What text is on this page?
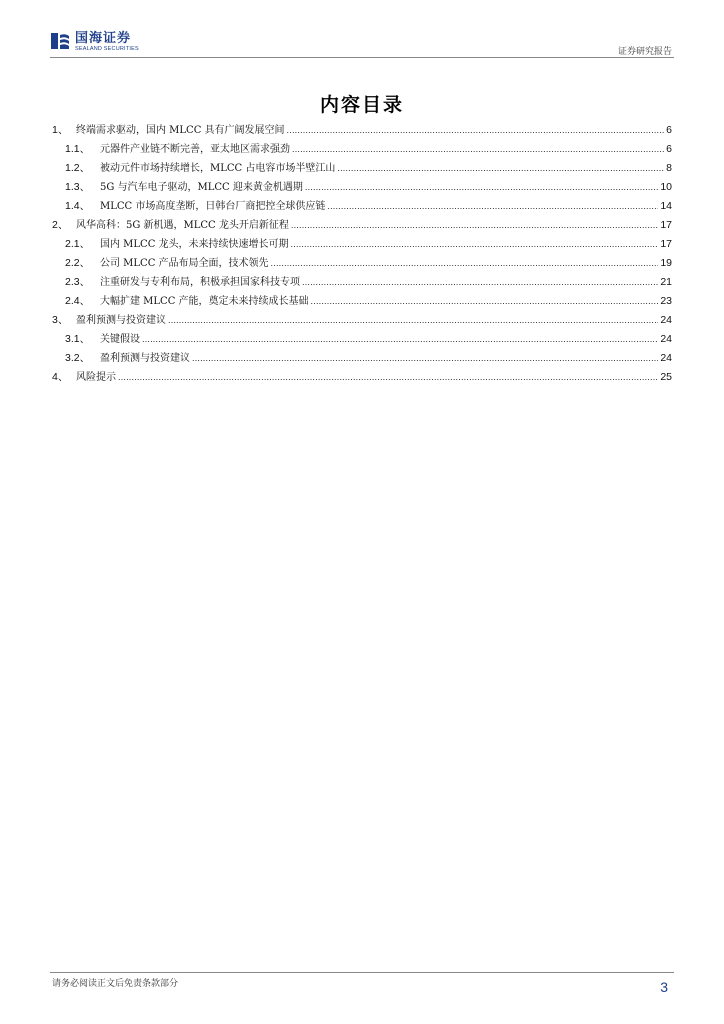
国海证券
SEALAND SECURITIES	证券研究报告
内容目录
1、 终端需求驱动，国内 MLCC 具有广阔发展空间 .....	6
1.1、 元器件产业链不断完善，亚太地区需求强劲 .....	6
1.2、 被动元件市场持续增长，MLCC 占电容市场半壁江山 .....	8
1.3、 5G 与汽车电子驱动，MLCC 迎来黄金机遇期 .....	10
1.4、 MLCC 市场高度垄断，日韩台厂商把控全球供应链 .....	14
2、 风华高科：5G 新机遇，MLCC 龙头开启新征程 .....	17
2.1、 国内 MLCC 龙头，未来持续快速增长可期 .....	17
2.2、 公司 MLCC 产品布局全面，技术领先 .....	19
2.3、 注重研发与专利布局，积极承担国家科技专项 .....	21
2.4、 大幅扩建 MLCC 产能，奠定未来持续成长基础 .....	23
3、 盈利预测与投资建议 .....	24
3.1、 关键假设 .....	24
3.2、 盈利预测与投资建议 .....	24
4、 风险提示 .....	25
请务必阅读正文后免责条款部分	3
